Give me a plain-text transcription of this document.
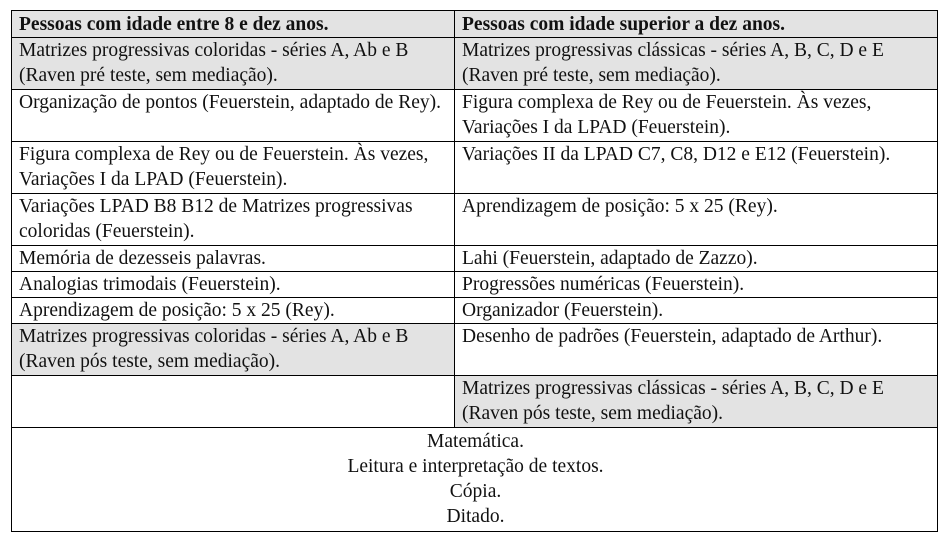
Pessoas com idade entre 8 e dez anos.	Pessoas com idade superior a dez anos.
Matrizes progressivas coloridas - séries A, Ab e B (Raven pré teste, sem mediação).	Matrizes progressivas clássicas - séries A, B, C, D e E (Raven pré teste, sem mediação).
Organização de pontos (Feuerstein, adaptado de Rey).	Figura complexa de Rey ou de Feuerstein. Às vezes, Variações I da LPAD (Feuerstein).
Figura complexa de Rey ou de Feuerstein. Às vezes, Variações I da LPAD (Feuerstein).	Variações II da LPAD C7, C8, D12 e E12 (Feuerstein).
Variações LPAD B8 B12 de Matrizes progressivas coloridas (Feuerstein).	Aprendizagem de posição: 5 x 25 (Rey).
Memória de dezesseis palavras.	Lahi (Feuerstein, adaptado de Zazzo).
Analogias trimodais (Feuerstein).	Progressões numéricas (Feuerstein).
Aprendizagem de posição: 5 x 25 (Rey).	Organizador (Feuerstein).
Matrizes progressivas coloridas - séries A, Ab e B (Raven pós teste, sem mediação).	Desenho de padrões (Feuerstein, adaptado de Arthur).
	Matrizes progressivas clássicas - séries A, B, C, D e E (Raven pós teste, sem mediação).

Matemática.
Leitura e interpretação de textos.
Cópia.
Ditado.	
